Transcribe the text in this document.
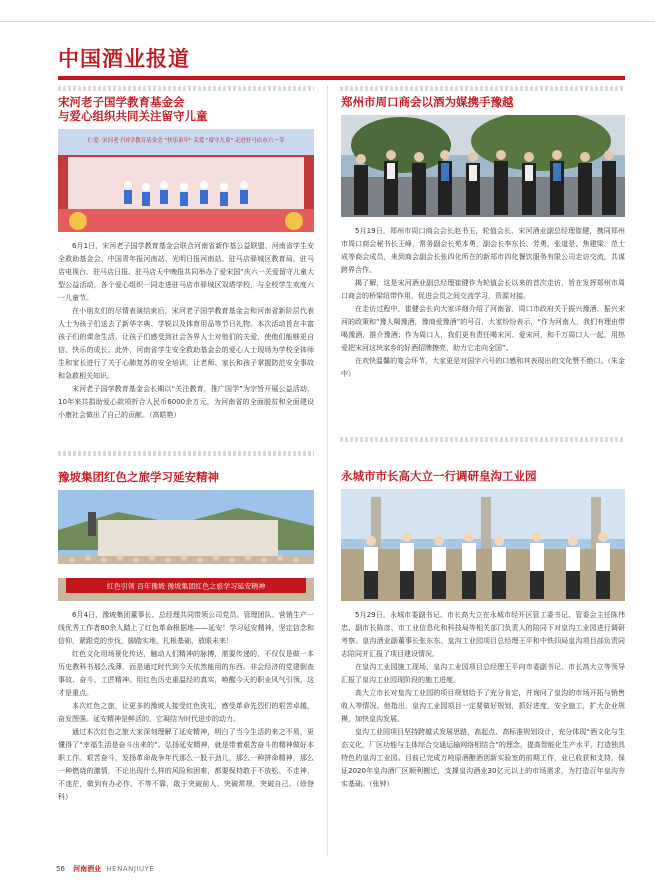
中国酒业报道
宋河老子国学教育基金会
与爱心组织共同关注留守儿童
仁爱· 宋河老子国学教育基金会 "快乐童年" 关爱 "留守儿童" 走进驻马店市六一节

6月1日，宋河老子国学教育基金会联合河南省新作基公益联盟、河南省学生安全救助基金会、中国青年报河南站、光明日报河南站、驻马店驿城区教育局、驻马店电视台、驻马店日报、驻马店天中晚报共同举办了爱宋国“庆六一关爱留守儿童大型公益活动，各个爱心组织一同走进驻马店市驿城区双塔学校，与全校学生欢度六一儿童节。

在小朋友们的尽情表演结束后，宋河老子国学教育基金会和河南省新阶层代表人士为孩子们送去了新华字典、学锐以及体育用品等节日礼物。本次活动旨在丰富孩子们的课余生活，让孩子们感受到社会各界人士对他们的关爱，使他们能够更自信、快乐的成长。此外，河南省学生安全救助基金会的爱心人士现场为学校全体师生和家长进行了关于心肺复苏的安全培训，让老师、家长和孩子掌握防范安全事故和急救相关知识。

宋河老子国学教育基金会长期以“关注教育，推广国学”为宗旨开展公益活动，10年来共捐助爱心款项折合人民币6000余万元，为河南省的全面脱贫和全面建设小康社会做出了自己的贡献。（高皓艳）

郑州市周口商会以酒为媒携手豫越

5月19日，郑州市周口商会会长赵书玉，轮值会长、宋河酒业副总经理崔健，携同郑州市周口商会秘书长王峰，常务副会长苑本勇，副会长李东长、芳勇、张道是、焦建梁、范士成等商会成员，来到商会副会长张四化所在的新郑市四化餐饮服务有限公司走访交流，共谋跨界合作。

揭了解，这是宋河酒业副总经理崔健作为轮值会长以来的首次走访，旨在发挥郑州市周口商会的桥梁纽带作用，促进会员之间交流学习，资源对接。

在走访过程中，崔健会长向大家详细介绍了河南省、周口市政府关于振兴豫酒、振兴宋河的政策和“豫人喝豫酒，豫商爱豫酒”的号召，大家纷纷表示，“作为河南人，我们有理由带喝豫酒，推介豫酒；作为周口人，我们更有责任喝宋河、爱宋河，和千万周口人一起，用热爱把宋河这块家乡的好酒招牌擦亮，助力它走向全国”。

在欢快温馨的宴会环节，大家更是对国字六号的口感和其表现出的文化赞不绝口。（朱金中）

豫坡集团红色之旅学习延安精神
红色引领 百年豫坡·豫坡集团红色之旅学习延安精神

6月4日，豫坡集团董事长、总经理共同带领公司党员、管理团队、营销生产一线优秀工作者80余人踏上了红色革命根据地——延安！学习延安精神，坚定信念和信仰，紧跟党的步伐，脚踏实地，扎根基础，放眼未来！

红色文化用场景化传达，触动人们精神的脉搏，需要传递的，不仅仅是做一本历史教科书那么浅薄，而是通过时代到今天依然能用的东西。非会经济的党建倒查事故、奋斗、工匠精神。用红色历史重温经的真实，唤醒今天的职业风气引领，这才是重点。

本次红色之旅，让更多的豫坡人接受红色洗礼，感受革命先烈们的艰苦卓越，奋发图强。延安精神是鲜活的，它凝结为时代进步的动力。

通过本次红色之旅大家深刻理解了延安精神，明白了当今生活的来之不易，更懂得了“幸福生活是奋斗出来的”。弘扬延安精神，就是带着艰苦奋斗的精神做好本职工作。艰苦奋斗，发扬革命战争年代那么一股干劲儿，那么一种拼命精神，那么一种燃烧的激情，不论出现什么样的风险和困难，都要保持敢于不放松、不走神，不迷茫，做到有办必作、不等不靠，敢于突破前人、突破常规，突破自己。（徐登科）

永城市市长高大立一行调研皇沟工业园

5月29日，永城市委副书记、市长高大立在永城市经开区管工委书记、管委会主任陈伟忠、副市长陈彦、市工业信息化和科技局等相关部门负责人的陪同下对皇沟工业园进行调研考察。皇沟酒业副董事长张东东、皇沟工业园项目总经理王平和中铁四局皇沟项目部负责同志陪同并汇报了项目建设情况。

在皇沟工业园施工现场，皇沟工业园项目总经理王平向市委副书记、市长高大立等领导汇报了皇沟工业园现阶段的施工进度。

高大立市长对皇沟工业园的项目规划给予了充分肯定，并询问了皇沟的市场开拓与销售收入等情况。他指出，皇沟工业园项目一定要做好规划，抓好进度，安全施工，扩大企业规模，加快皇沟发展。

皇沟工业园项目坚持跨越式发展思路，高起点、高标准规划设计，充分体现“酒文化与生态文化，厂区功能与主体综合交通运输网络相结合”的理念，提高智能化生产水平，打造独具特色的皇沟工业园。目前已完成万吨原酒酿酒创新实验室的前期工作，业已收获和支持，保证2020年皇沟酒厂区顺利搬迁，支撑皇沟酒业30亿元以上的市场需求，为打造百年皇沟夯实基础。（张钟）

56 河南酒业 HENANJIUYE
